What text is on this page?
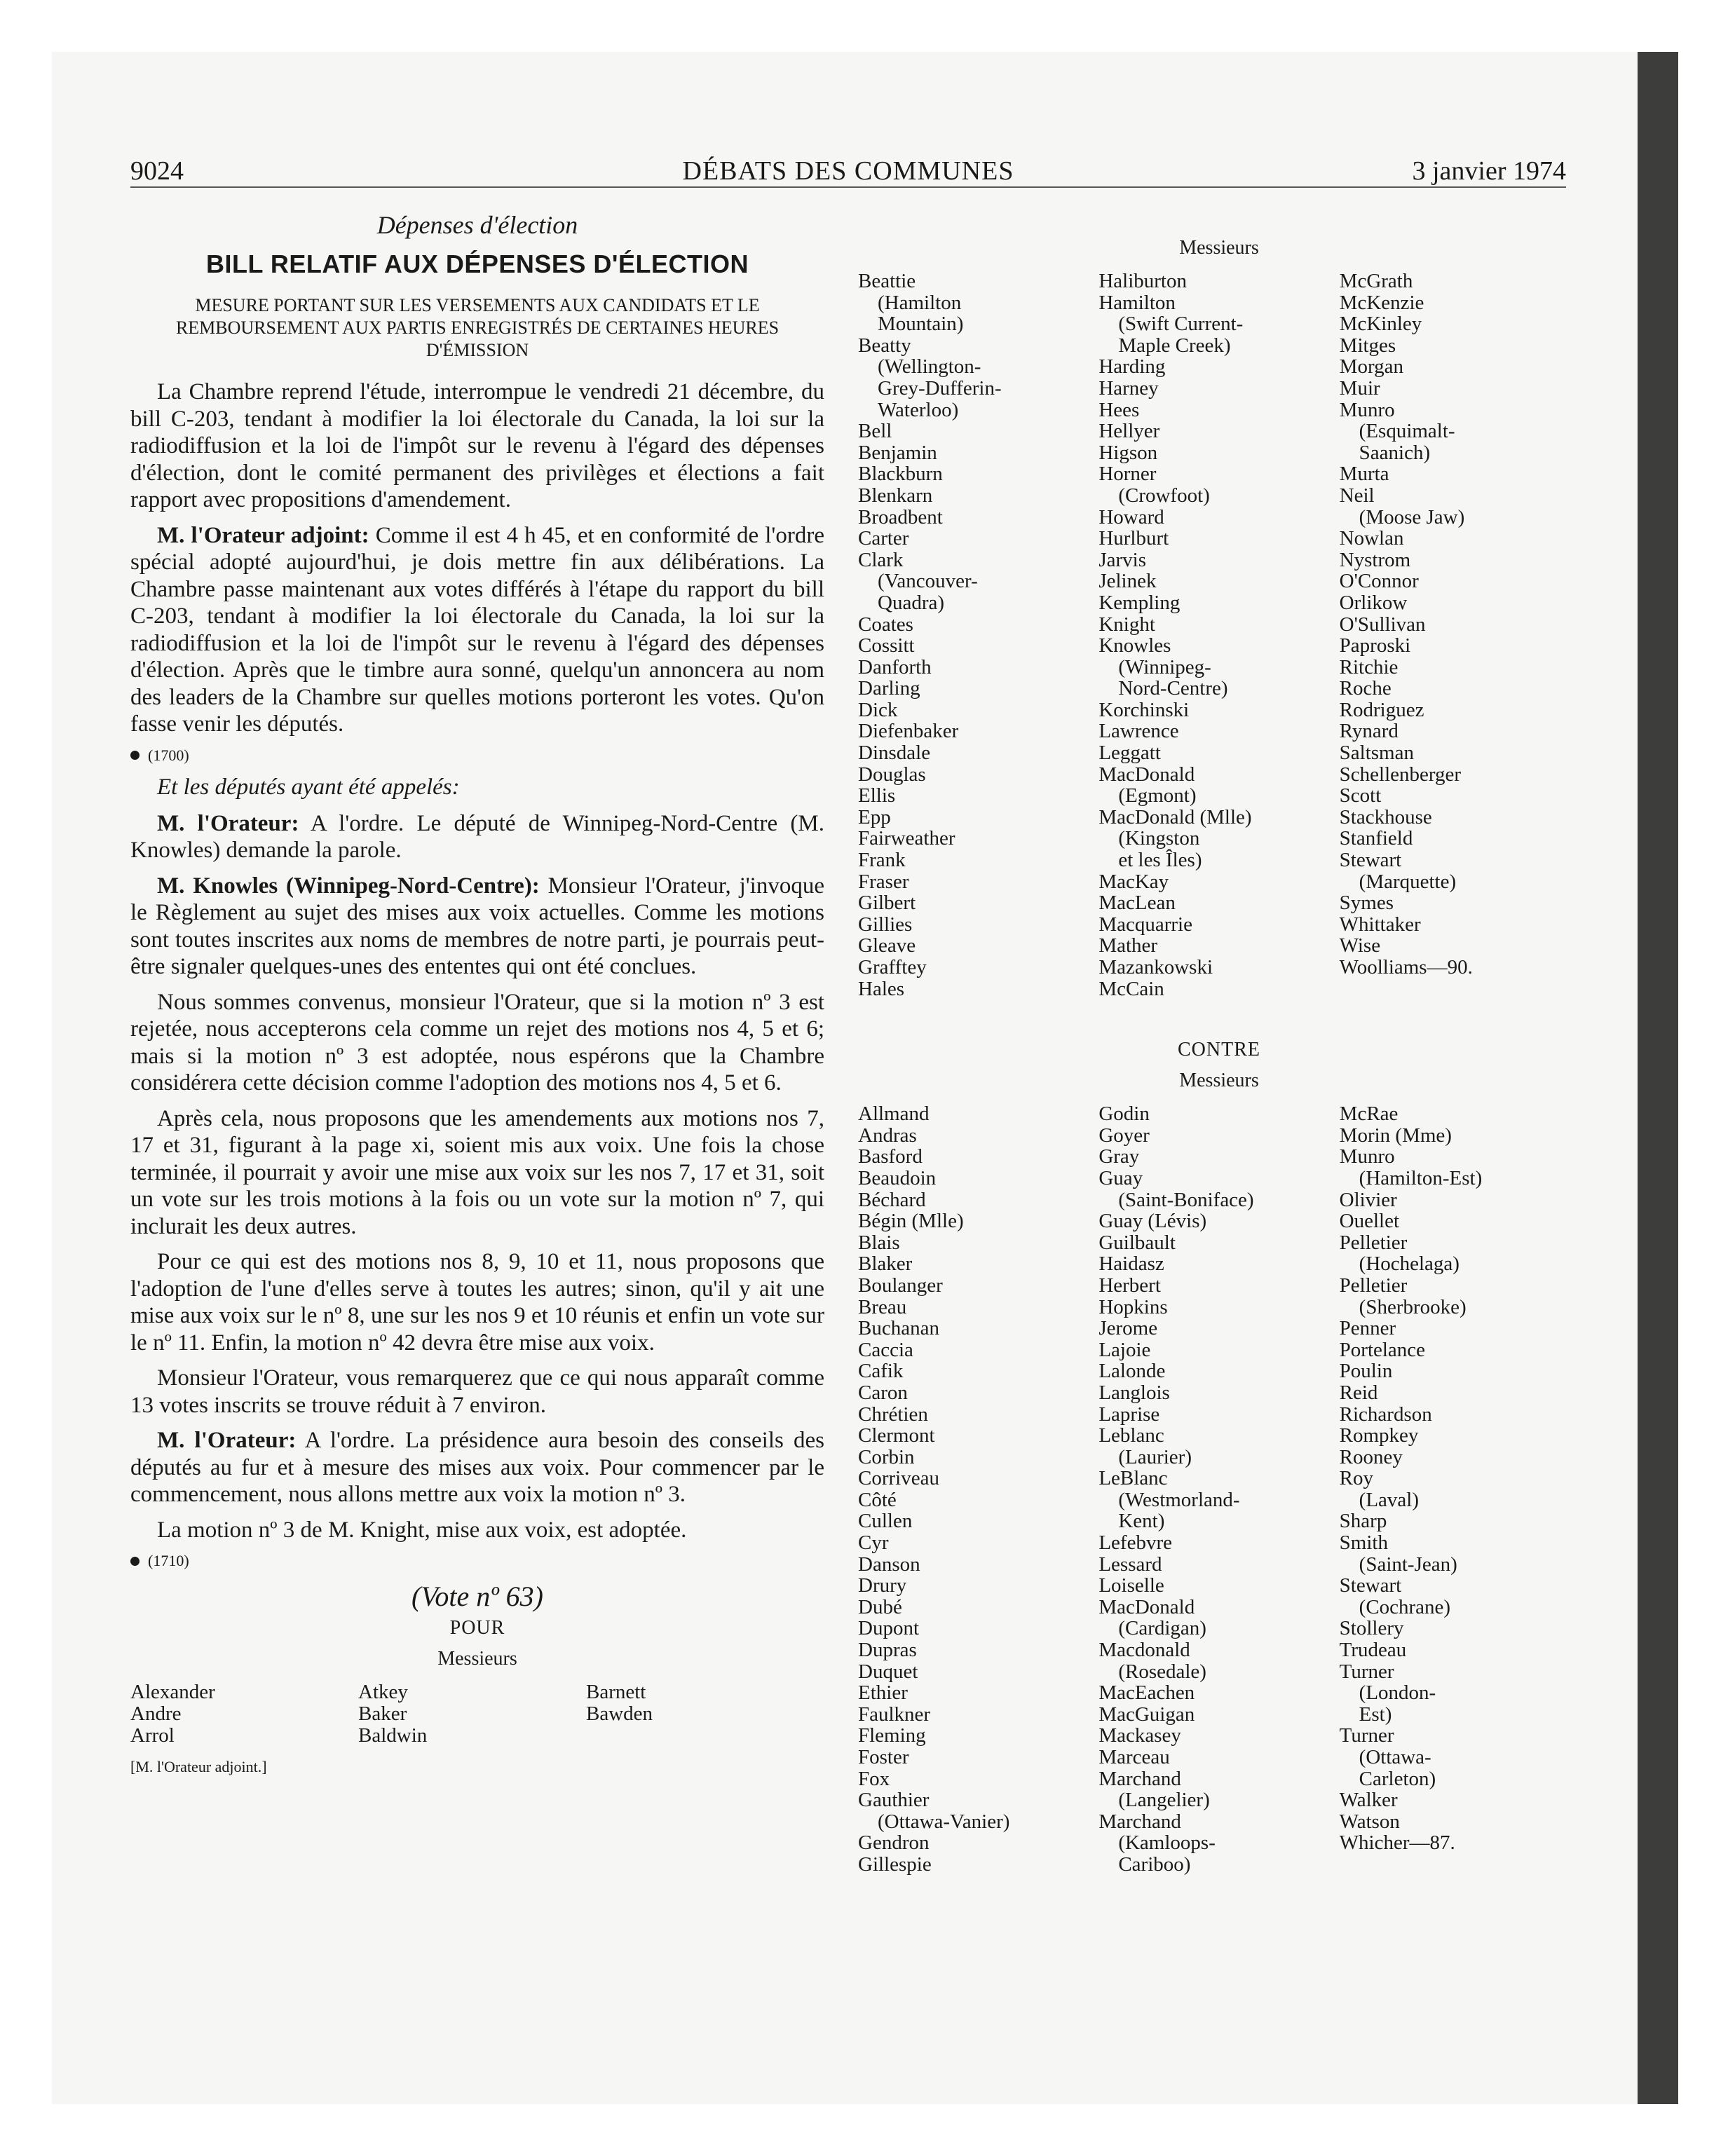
9024	DÉBATS DES COMMUNES	3 janvier 1974
Dépenses d'élection
BILL RELATIF AUX DÉPENSES D'ÉLECTION
MESURE PORTANT SUR LES VERSEMENTS AUX CANDIDATS ET LE REMBOURSEMENT AUX PARTIS ENREGISTRÉS DE CERTAINES HEURES D'ÉMISSION

La Chambre reprend l'étude, interrompue le vendredi 21 décembre, du bill C-203, tendant à modifier la loi électorale du Canada, la loi sur la radiodiffusion et la loi de l'impôt sur le revenu à l'égard des dépenses d'élection, dont le comité permanent des privilèges et élections a fait rapport avec propositions d'amendement.

M. l'Orateur adjoint: Comme il est 4 h 45, et en conformité de l'ordre spécial adopté aujourd'hui, je dois mettre fin aux délibérations. La Chambre passe maintenant aux votes différés à l'étape du rapport du bill C-203, tendant à modifier la loi électorale du Canada, la loi sur la radiodiffusion et la loi de l'impôt sur le revenu à l'égard des dépenses d'élection. Après que le timbre aura sonné, quelqu'un annoncera au nom des leaders de la Chambre sur quelles motions porteront les votes. Qu'on fasse venir les députés.

(1700)
Et les députés ayant été appelés:

M. l'Orateur: A l'ordre. Le député de Winnipeg-Nord-Centre (M. Knowles) demande la parole.

M. Knowles (Winnipeg-Nord-Centre): Monsieur l'Orateur, j'invoque le Règlement au sujet des mises aux voix actuelles. Comme les motions sont toutes inscrites aux noms de membres de notre parti, je pourrais peut-être signaler quelques-unes des ententes qui ont été conclues.

Nous sommes convenus, monsieur l'Orateur, que si la motion nº 3 est rejetée, nous accepterons cela comme un rejet des motions nos 4, 5 et 6; mais si la motion nº 3 est adoptée, nous espérons que la Chambre considérera cette décision comme l'adoption des motions nos 4, 5 et 6.

Après cela, nous proposons que les amendements aux motions nos 7, 17 et 31, figurant à la page xi, soient mis aux voix. Une fois la chose terminée, il pourrait y avoir une mise aux voix sur les nos 7, 17 et 31, soit un vote sur les trois motions à la fois ou un vote sur la motion nº 7, qui inclurait les deux autres.

Pour ce qui est des motions nos 8, 9, 10 et 11, nous proposons que l'adoption de l'une d'elles serve à toutes les autres; sinon, qu'il y ait une mise aux voix sur le nº 8, une sur les nos 9 et 10 réunis et enfin un vote sur le nº 11. Enfin, la motion nº 42 devra être mise aux voix.

Monsieur l'Orateur, vous remarquerez que ce qui nous apparaît comme 13 votes inscrits se trouve réduit à 7 environ.

M. l'Orateur: A l'ordre. La présidence aura besoin des conseils des députés au fur et à mesure des mises aux voix. Pour commencer par le commencement, nous allons mettre aux voix la motion nº 3.

La motion nº 3 de M. Knight, mise aux voix, est adoptée.

(1710)
(Vote nº 63)
POUR
Messieurs
Alexander
Andre
Arrol
Atkey
Baker
Baldwin
Barnett
Bawden
[M. l'Orateur adjoint.]
Messieurs
Beattie
(Hamilton
Mountain)
Beatty
(Wellington-
Grey-Dufferin-
Waterloo)
Bell
Benjamin
Blackburn
Blenkarn
Broadbent
Carter
Clark
(Vancouver-
Quadra)
Coates
Cossitt
Danforth
Darling
Dick
Diefenbaker
Dinsdale
Douglas
Ellis
Epp
Fairweather
Frank
Fraser
Gilbert
Gillies
Gleave
Grafftey
Hales
Haliburton
Hamilton
(Swift Current-
Maple Creek)
Harding
Harney
Hees
Hellyer
Higson
Horner
(Crowfoot)
Howard
Hurlburt
Jarvis
Jelinek
Kempling
Knight
Knowles
(Winnipeg-
Nord-Centre)
Korchinski
Lawrence
Leggatt
MacDonald
(Egmont)
MacDonald (Mlle)
(Kingston
et les Îles)
MacKay
MacLean
Macquarrie
Mather
Mazankowski
McCain
McGrath
McKenzie
McKinley
Mitges
Morgan
Muir
Munro
(Esquimalt-
Saanich)
Murta
Neil
(Moose Jaw)
Nowlan
Nystrom
O'Connor
Orlikow
O'Sullivan
Paproski
Ritchie
Roche
Rodriguez
Rynard
Saltsman
Schellenberger
Scott
Stackhouse
Stanfield
Stewart
(Marquette)
Symes
Whittaker
Wise
Woolliams—90.
CONTRE
Messieurs
Allmand
Andras
Basford
Beaudoin
Béchard
Bégin (Mlle)
Blais
Blaker
Boulanger
Breau
Buchanan
Caccia
Cafik
Caron
Chrétien
Clermont
Corbin
Corriveau
Côté
Cullen
Cyr
Danson
Drury
Dubé
Dupont
Dupras
Duquet
Ethier
Faulkner
Fleming
Foster
Fox
Gauthier
(Ottawa-Vanier)
Gendron
Gillespie
Godin
Goyer
Gray
Guay
(Saint-Boniface)
Guay (Lévis)
Guilbault
Haidasz
Herbert
Hopkins
Jerome
Lajoie
Lalonde
Langlois
Laprise
Leblanc
(Laurier)
LeBlanc
(Westmorland-
Kent)
Lefebvre
Lessard
Loiselle
MacDonald
(Cardigan)
Macdonald
(Rosedale)
MacEachen
MacGuigan
Mackasey
Marceau
Marchand
(Langelier)
Marchand
(Kamloops-
Cariboo)
McRae
Morin (Mme)
Munro
(Hamilton-Est)
Olivier
Ouellet
Pelletier
(Hochelaga)
Pelletier
(Sherbrooke)
Penner
Portelance
Poulin
Reid
Richardson
Rompkey
Rooney
Roy
(Laval)
Sharp
Smith
(Saint-Jean)
Stewart
(Cochrane)
Stollery
Trudeau
Turner
(London-
Est)
Turner
(Ottawa-
Carleton)
Walker
Watson
Whicher—87.
